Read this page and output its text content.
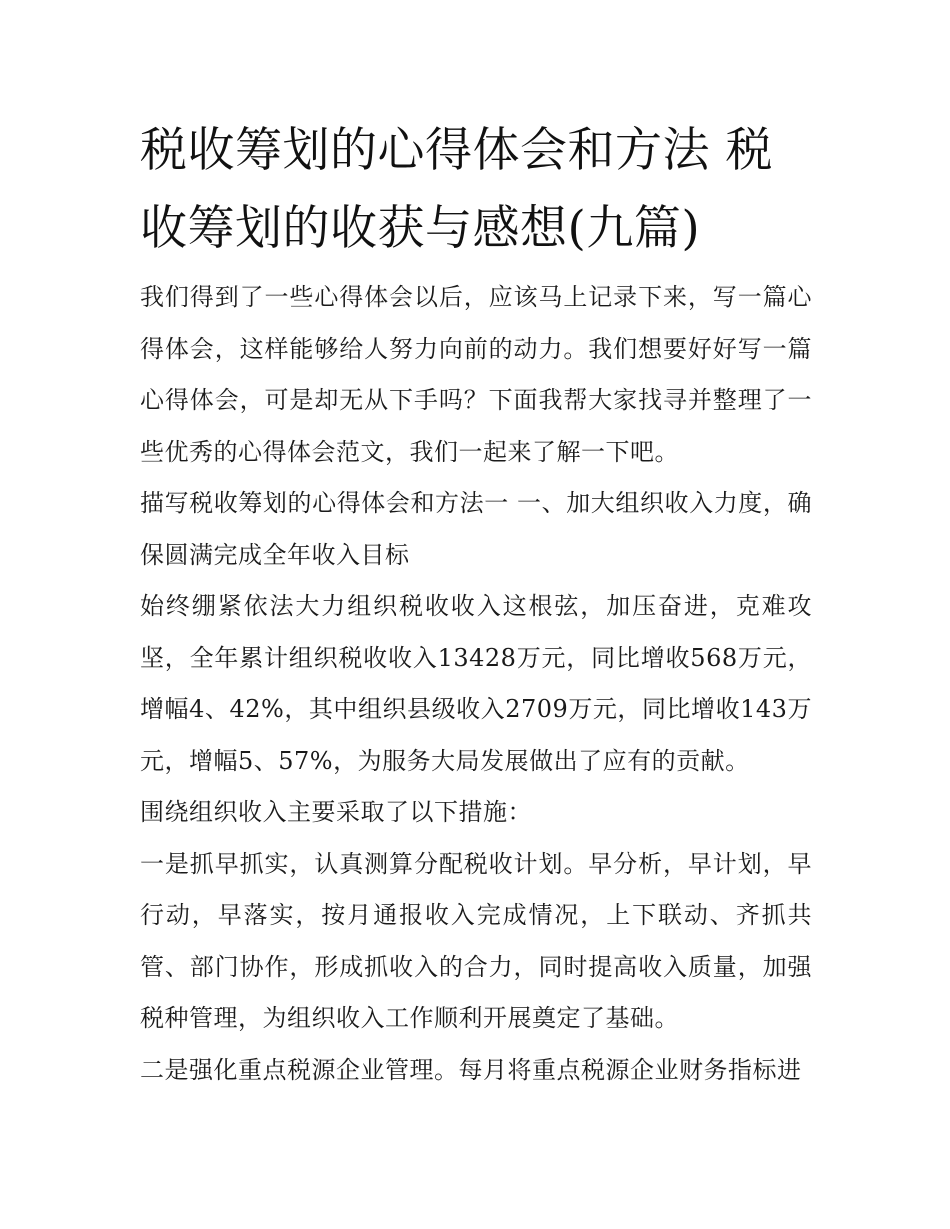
税收筹划的心得体会和方法 税收筹划的收获与感想(九篇)

我们得到了一些心得体会以后，应该马上记录下来，写一篇心得体会，这样能够给人努力向前的动力。我们想要好好写一篇心得体会，可是却无从下手吗？下面我帮大家找寻并整理了一些优秀的心得体会范文，我们一起来了解一下吧。

描写税收筹划的心得体会和方法一 一、加大组织收入力度，确保圆满完成全年收入目标

始终绷紧依法大力组织税收收入这根弦，加压奋进，克难攻坚，全年累计组织税收收入13428万元，同比增收568万元，增幅4、42%，其中组织县级收入2709万元，同比增收143万元，增幅5、57%，为服务大局发展做出了应有的贡献。

围绕组织收入主要采取了以下措施：

一是抓早抓实，认真测算分配税收计划。早分析，早计划，早行动，早落实，按月通报收入完成情况，上下联动、齐抓共管、部门协作，形成抓收入的合力，同时提高收入质量，加强税种管理，为组织收入工作顺利开展奠定了基础。

二是强化重点税源企业管理。每月将重点税源企业财务指标进
